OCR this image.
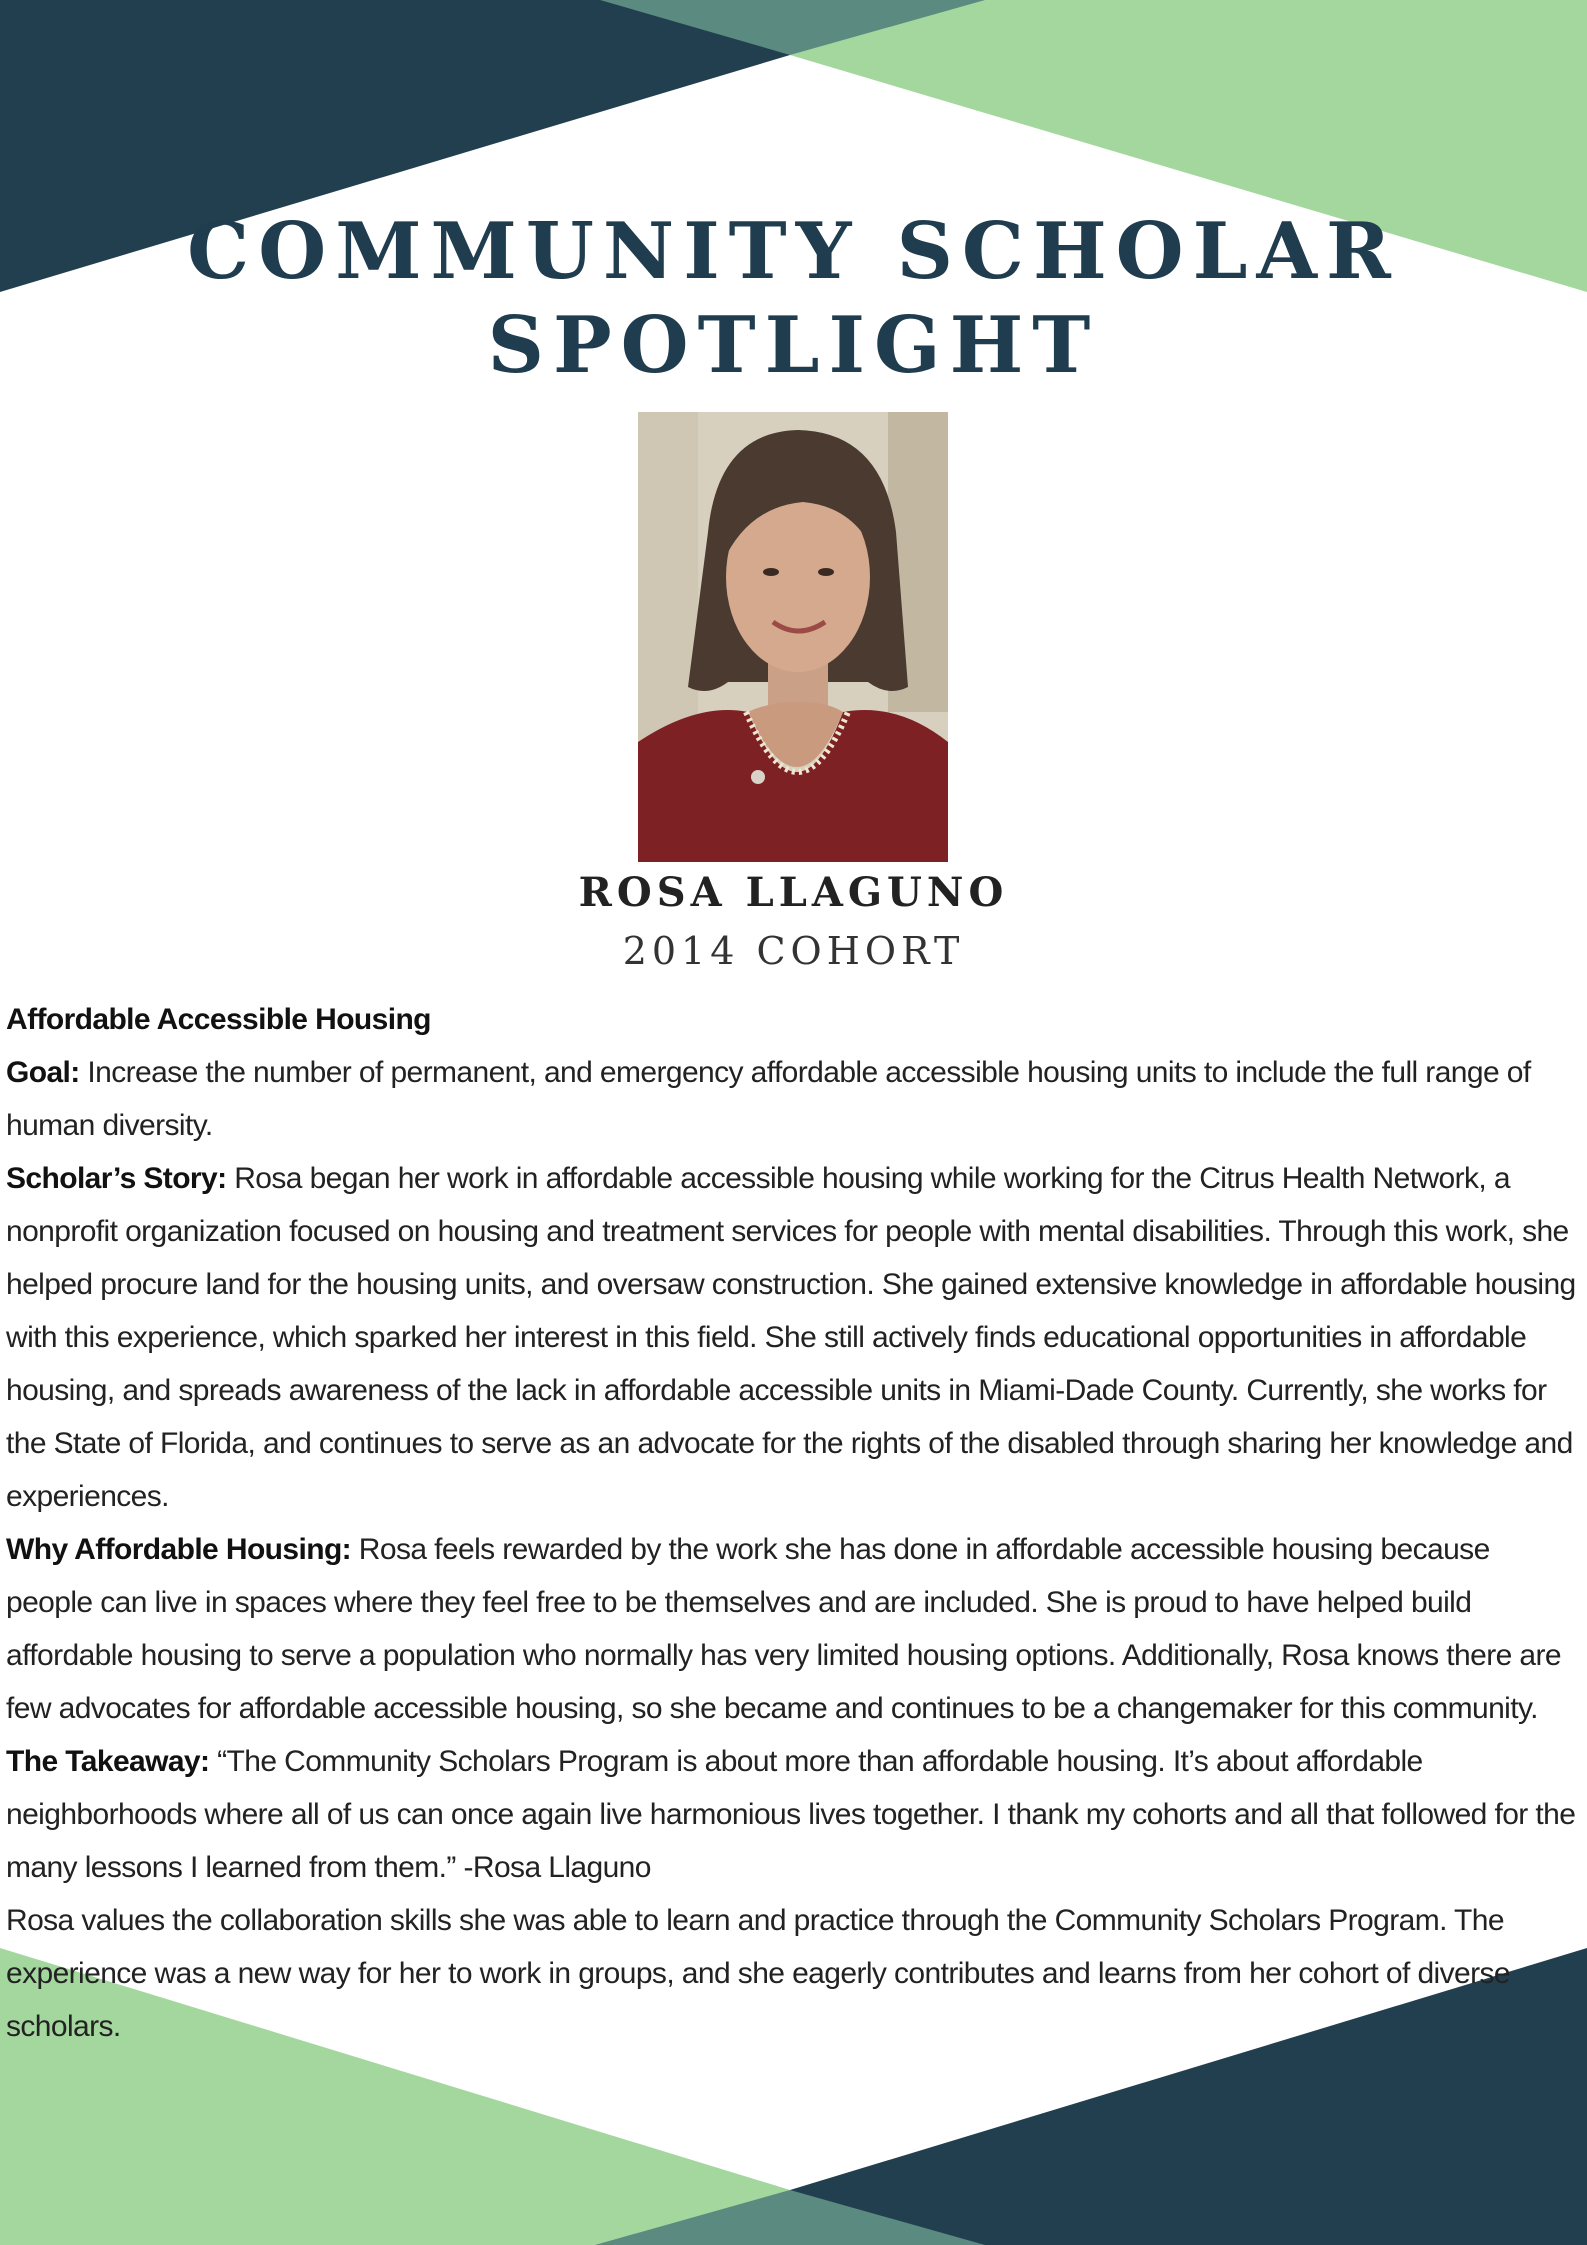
COMMUNITY SCHOLAR
SPOTLIGHT
ROSA LLAGUNO
2014 COHORT

Affordable Accessible Housing

Goal: Increase the number of permanent, and emergency affordable accessible housing units to include the full range of human diversity.

Scholar’s Story: Rosa began her work in affordable accessible housing while working for the Citrus Health Network, a nonprofit organization focused on housing and treatment services for people with mental disabilities. Through this work, she helped procure land for the housing units, and oversaw construction. She gained extensive knowledge in affordable housing with this experience, which sparked her interest in this field. She still actively finds educational opportunities in affordable housing, and spreads awareness of the lack in affordable accessible units in Miami-Dade County. Currently, she works for the State of Florida, and continues to serve as an advocate for the rights of the disabled through sharing her knowledge and experiences.

Why Affordable Housing: Rosa feels rewarded by the work she has done in affordable accessible housing because people can live in spaces where they feel free to be themselves and are included. She is proud to have helped build affordable housing to serve a population who normally has very limited housing options. Additionally, Rosa knows there are few advocates for affordable accessible housing, so she became and continues to be a changemaker for this community.

The Takeaway: “The Community Scholars Program is about more than affordable housing. It’s about affordable neighborhoods where all of us can once again live harmonious lives together. I thank my cohorts and all that followed for the many lessons I learned from them.” -Rosa Llaguno

Rosa values the collaboration skills she was able to learn and practice through the Community Scholars Program. The experience was a new way for her to work in groups, and she eagerly contributes and learns from her cohort of diverse scholars.
